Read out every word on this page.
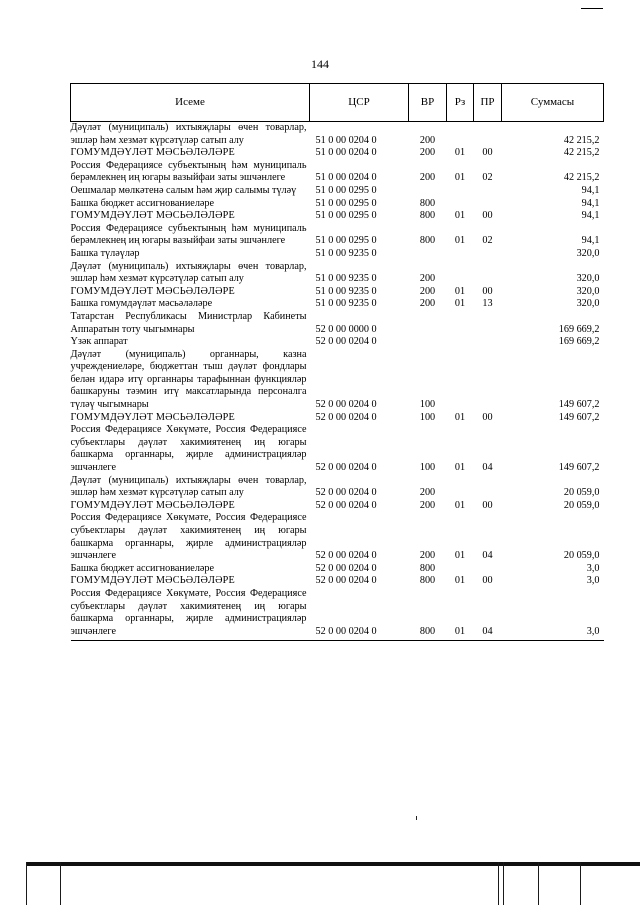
144
Исеме	ЦСР	ВР	Рз	ПР	Суммасы
Дәүләт (муниципаль) ихтыяҗлары өчен товарлар, эшләр һәм хезмәт күрсәтүләр сатып алу	51 0 00 0204 0	200			42 215,2
ГОМУМДӘҮЛӘТ МӘСЬӘЛӘЛӘРЕ	51 0 00 0204 0	200	01	00	42 215,2
Россия Федерациясе субъектының һәм муниципаль берәмлекнең иң югары вазыйфаи заты эшчәнлеге	51 0 00 0204 0	200	01	02	42 215,2
Оешмалар мөлкәтенә салым һәм җир салымы түләү	51 0 00 0295 0				94,1
Башка бюджет ассигнованиеләре	51 0 00 0295 0	800			94,1
ГОМУМДӘҮЛӘТ МӘСЬӘЛӘЛӘРЕ	51 0 00 0295 0	800	01	00	94,1
Россия Федерациясе субъектының һәм муниципаль берәмлекнең иң югары вазыйфаи заты эшчәнлеге	51 0 00 0295 0	800	01	02	94,1
Башка түләүләр	51 0 00 9235 0				320,0
Дәүләт (муниципаль) ихтыяҗлары өчен товарлар, эшләр һәм хезмәт күрсәтүләр сатып алу	51 0 00 9235 0	200			320,0
ГОМУМДӘҮЛӘТ МӘСЬӘЛӘЛӘРЕ	51 0 00 9235 0	200	01	00	320,0
Башка гомумдәүләт мәсьәләләре	51 0 00 9235 0	200	01	13	320,0
Татарстан Республикасы Министрлар Кабинеты Аппаратын тоту чыгымнары	52 0 00 0000 0				169 669,2
Үзәк аппарат	52 0 00 0204 0				169 669,2
Дәүләт (муниципаль) органнары, казна учреждениеләре, бюджеттан тыш дәүләт фондлары белән идарә итү органнары тарафыннан функцияләр башкаруны тәэмин итү максатларында персоналга түләү чыгымнары	52 0 00 0204 0	100			149 607,2
ГОМУМДӘҮЛӘТ МӘСЬӘЛӘЛӘРЕ	52 0 00 0204 0	100	01	00	149 607,2
Россия Федерациясе Хөкүмәте, Россия Федерациясе субъектлары дәүләт хакимиятенең иң югары башкарма органнары, җирле администрацияләр эшчәнлеге	52 0 00 0204 0	100	01	04	149 607,2
Дәүләт (муниципаль) ихтыяҗлары өчен товарлар, эшләр һәм хезмәт күрсәтүләр сатып алу	52 0 00 0204 0	200			20 059,0
ГОМУМДӘҮЛӘТ МӘСЬӘЛӘЛӘРЕ	52 0 00 0204 0	200	01	00	20 059,0
Россия Федерациясе Хөкүмәте, Россия Федерациясе субъектлары дәүләт хакимиятенең иң югары башкарма органнары, җирле администрацияләр эшчәнлеге	52 0 00 0204 0	200	01	04	20 059,0
Башка бюджет ассигнованиеләре	52 0 00 0204 0	800			3,0
ГОМУМДӘҮЛӘТ МӘСЬӘЛӘЛӘРЕ	52 0 00 0204 0	800	01	00	3,0
Россия Федерациясе Хөкүмәте, Россия Федерациясе субъектлары дәүләт хакимиятенең иң югары башкарма органнары, җирле администрацияләр эшчәнлеге	52 0 00 0204 0	800	01	04	3,0
